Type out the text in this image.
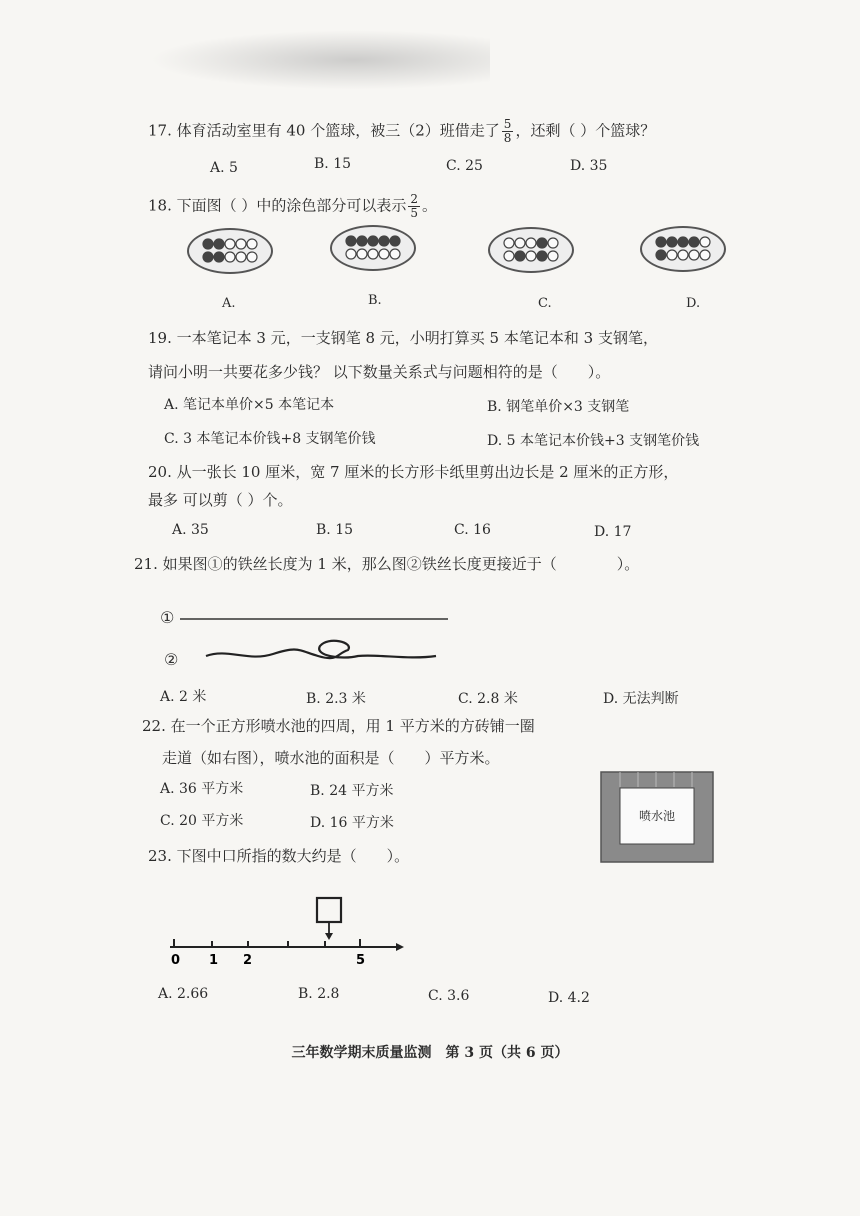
17. 体育活动室里有 40 个篮球，被三（2）班借走了 $\frac{5}{8}$ ，还剩（ ）个篮球？
A. 5	B. 15	C. 25	D. 35
18. 下面图（ ）中的涂色部分可以表示 $\frac{2}{5}$ 。
A.	B.	C.	D.
19. 一本笔记本 3 元，一支钢笔 8 元，小明打算买 5 本笔记本和 3 支钢笔，
请问小明一共要花多少钱？ 以下数量关系式与问题相符的是（　　）。
A. 笔记本单价×5 本笔记本	B. 钢笔单价×3 支钢笔
C. 3 本笔记本价钱+8 支钢笔价钱	D. 5 本笔记本价钱+3 支钢笔价钱
20. 从一张长 10 厘米，宽 7 厘米的长方形卡纸里剪出边长是 2 厘米的正方形，
最多 可以剪（ ）个。
A. 35	B. 15	C. 16	D. 17
21. 如果图①的铁丝长度为 1 米，那么图②铁丝长度更接近于（　　　　）。
①
②
A. 2 米	B. 2.3 米	C. 2.8 米	D. 无法判断
22. 在一个正方形喷水池的四周，用 1 平方米的方砖铺一圈
走道（如右图），喷水池的面积是（　　）平方米。
A. 36 平方米	B. 24 平方米
C. 20 平方米	D. 16 平方米	喷水池
23. 下图中口所指的数大约是（　　）。
0 1 2	5
A. 2.66	B. 2.8	C. 3.6	D. 4.2
三年数学期末质量监测　第 3 页（共 6 页）
